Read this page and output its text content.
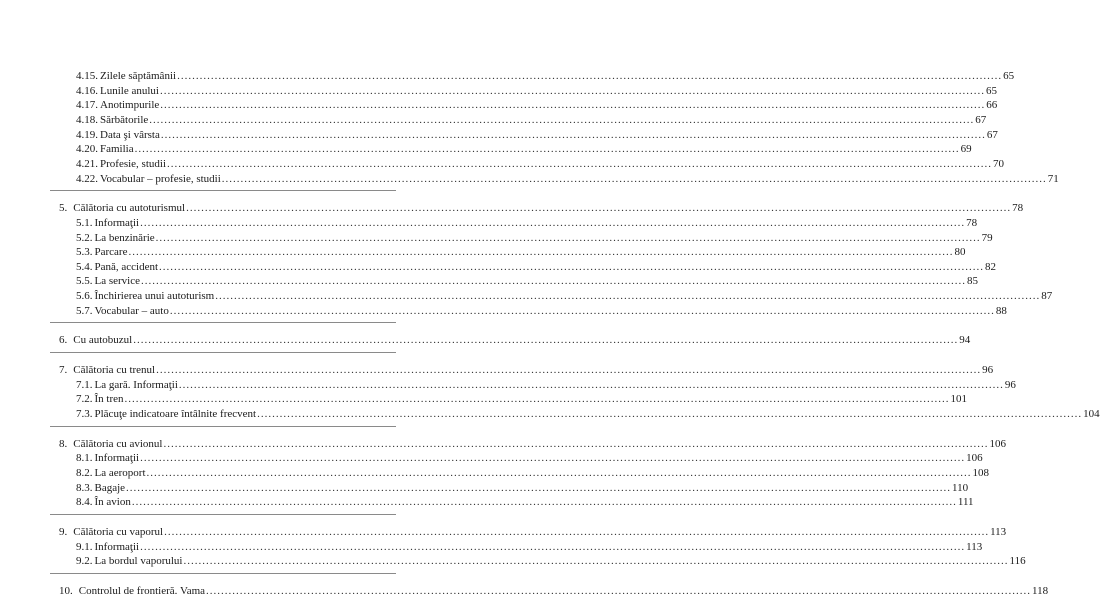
4.15. Zilele săptămânii ............................................................................................................................................................................................................................ 65
4.16. Lunile anului ............................................................................................................................................................................................................................ 65
4.17. Anotimpurile ............................................................................................................................................................................................................................ 66
4.18. Sărbătorile ............................................................................................................................................................................................................................ 67
4.19. Data şi vârsta ............................................................................................................................................................................................................................ 67
4.20. Familia ............................................................................................................................................................................................................................ 69
4.21. Profesie, studii ............................................................................................................................................................................................................................ 70
4.22. Vocabular – profesie, studii ............................................................................................................................................................................................................................ 71
5. Călătoria cu autoturismul ............................................................................................................................................................................................................................ 78
5.1. Informaţii ............................................................................................................................................................................................................................ 78
5.2. La benzinărie ............................................................................................................................................................................................................................ 79
5.3. Parcare ............................................................................................................................................................................................................................ 80
5.4. Pană, accident ............................................................................................................................................................................................................................ 82
5.5. La service ............................................................................................................................................................................................................................ 85
5.6. Închirierea unui autoturism ............................................................................................................................................................................................................................ 87
5.7. Vocabular – auto ............................................................................................................................................................................................................................ 88
6. Cu autobuzul ............................................................................................................................................................................................................................ 94
7. Călătoria cu trenul ............................................................................................................................................................................................................................ 96
7.1. La gară. Informaţii ............................................................................................................................................................................................................................ 96
7.2. În tren ............................................................................................................................................................................................................................ 101
7.3. Plăcuţe indicatoare întâlnite frecvent ............................................................................................................................................................................................................................ 104
8. Călătoria cu avionul ............................................................................................................................................................................................................................ 106
8.1. Informaţii ............................................................................................................................................................................................................................ 106
8.2. La aeroport ............................................................................................................................................................................................................................ 108
8.3. Bagaje ............................................................................................................................................................................................................................ 110
8.4. În avion ............................................................................................................................................................................................................................ 111
9. Călătoria cu vaporul ............................................................................................................................................................................................................................ 113
9.1. Informaţii ............................................................................................................................................................................................................................ 113
9.2. La bordul vaporului ............................................................................................................................................................................................................................ 116
10. Controlul de frontieră. Vama ............................................................................................................................................................................................................................ 118
